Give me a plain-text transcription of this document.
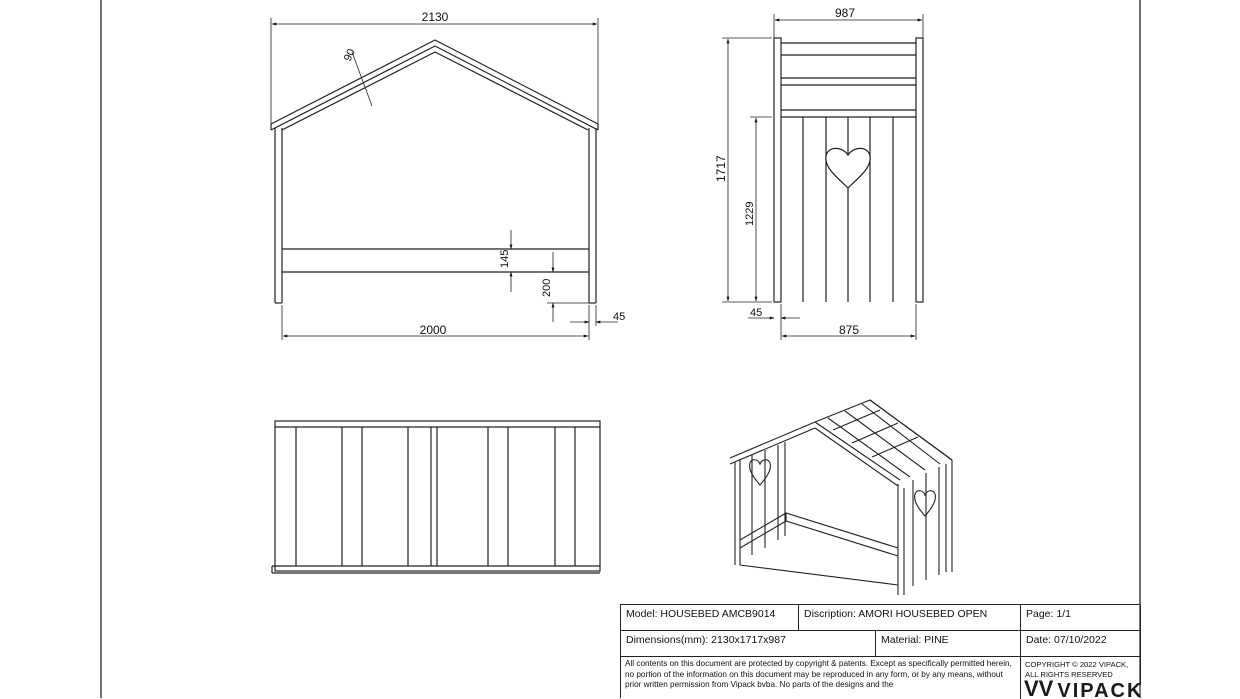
2130
2000
90
145
200
45
987
1717
1229
45
875
Model: HOUSEBED AMCB9014	Discription: AMORI HOUSEBED OPEN	Page: 1/1
Dimensions(mm): 2130x1717x987	Material: PINE	Date: 07/10/2022
All contents on this document are protected by copyright & patents. Except as specifically permitted herein, no portion of the information on this document may be reproduced in any form, or by any means, without prior written permission from Vipack bvba. No parts of the designs and the
COPYRIGHT © 2022 VIPACK, ALL RIGHTS RESERVED
VV VIPACK
